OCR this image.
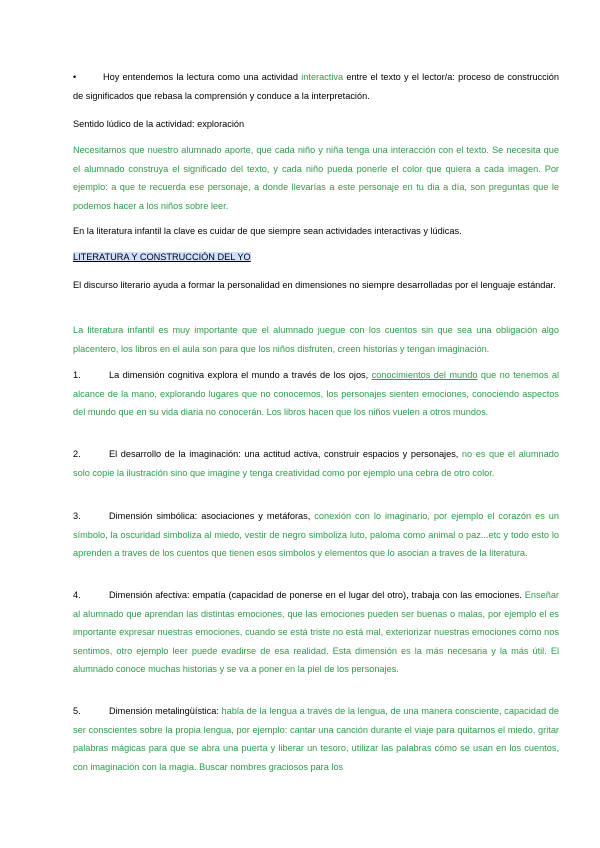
•	Hoy entendemos la lectura como una actividad interactiva entre el texto y el lector/a: proceso de construcción de significados que rebasa la comprensión y conduce a la interpretación.

Sentido lúdico de la actividad: exploración

Necesitamos que nuestro alumnado aporte, que cada niño y niña tenga una interacción con el texto. Se necesita que el alumnado construya el significado del texto, y cada niño pueda ponerle el color que quiera a cada imagen. Por ejemplo: a que te recuerda ese personaje, a donde llevarías a este personaje en tu dia a día, son preguntas que le podemos hacer a los niños sobre leer.

En la literatura infantil la clave es cuidar de que siempre sean actividades interactivas y lúdicas.

LITERATURA Y CONSTRUCCIÓN DEL YO

El discurso literario ayuda a formar la personalidad en dimensiones no siempre desarrolladas por el lenguaje estándar.

La literatura infantil es muy importante que el alumnado juegue con los cuentos sin que sea una obligación algo placentero, los libros en el aula son para que los niños disfruten, creen historias y tengan imaginación.

1.	La dimensión cognitiva explora el mundo a través de los ojos, conocimientos del mundo que no tenemos al alcance de la mano, explorando lugares que no conocemos, los personajes sienten emociones, conociendo aspectos del mundo que en su vida diaria no conocerán. Los libros hacen que los niños vuelen a otros mundos.

2.	El desarrollo de la imaginación: una actitud activa, construir espacios y personajes, no es que el alumnado solo copie la ilustración sino que imagine y tenga creatividad como por ejemplo una cebra de otro color.

3.	Dimensión simbólica: asociaciones y metáforas, conexión con lo imaginario, por ejemplo el corazón es un símbolo, la oscuridad simboliza al miedo, vestir de negro simboliza luto, paloma como animal o paz...etc y todo esto lo aprenden a traves de los cuentos que tienen esos simbolos y elementos que lo asocian a traves de la literatura.

4.	Dimensión afectiva: empatía (capacidad de ponerse en el lugar del otro), trabaja con las emociones. Enseñar al alumnado que aprendan las distintas emociones, que las emociones pueden ser buenas o malas, por ejemplo el es importante expresar nuestras emociones, cuando se está triste no está mal, exteriorizar nuestras emociones cómo nos sentimos, otro ejemplo leer puede evadirse de esa realidad. Esta dimensión es la más necesaria y la más útil. El alumnado conoce muchas historias y se va a poner en la piel de los personajes.

5.	Dimensión metalingüística: habla de la lengua a través de la lengua, de una manera consciente, capacidad de ser conscientes sobre la propia lengua, por ejemplo: cantar una canción durante el viaje para quitarnos el miedo, gritar palabras mágicas para que se abra una puerta y liberar un tesoro, utilizar las palabras cómo se usan en los cuentos, con imaginación con la magia. Buscar nombres graciosos para los
